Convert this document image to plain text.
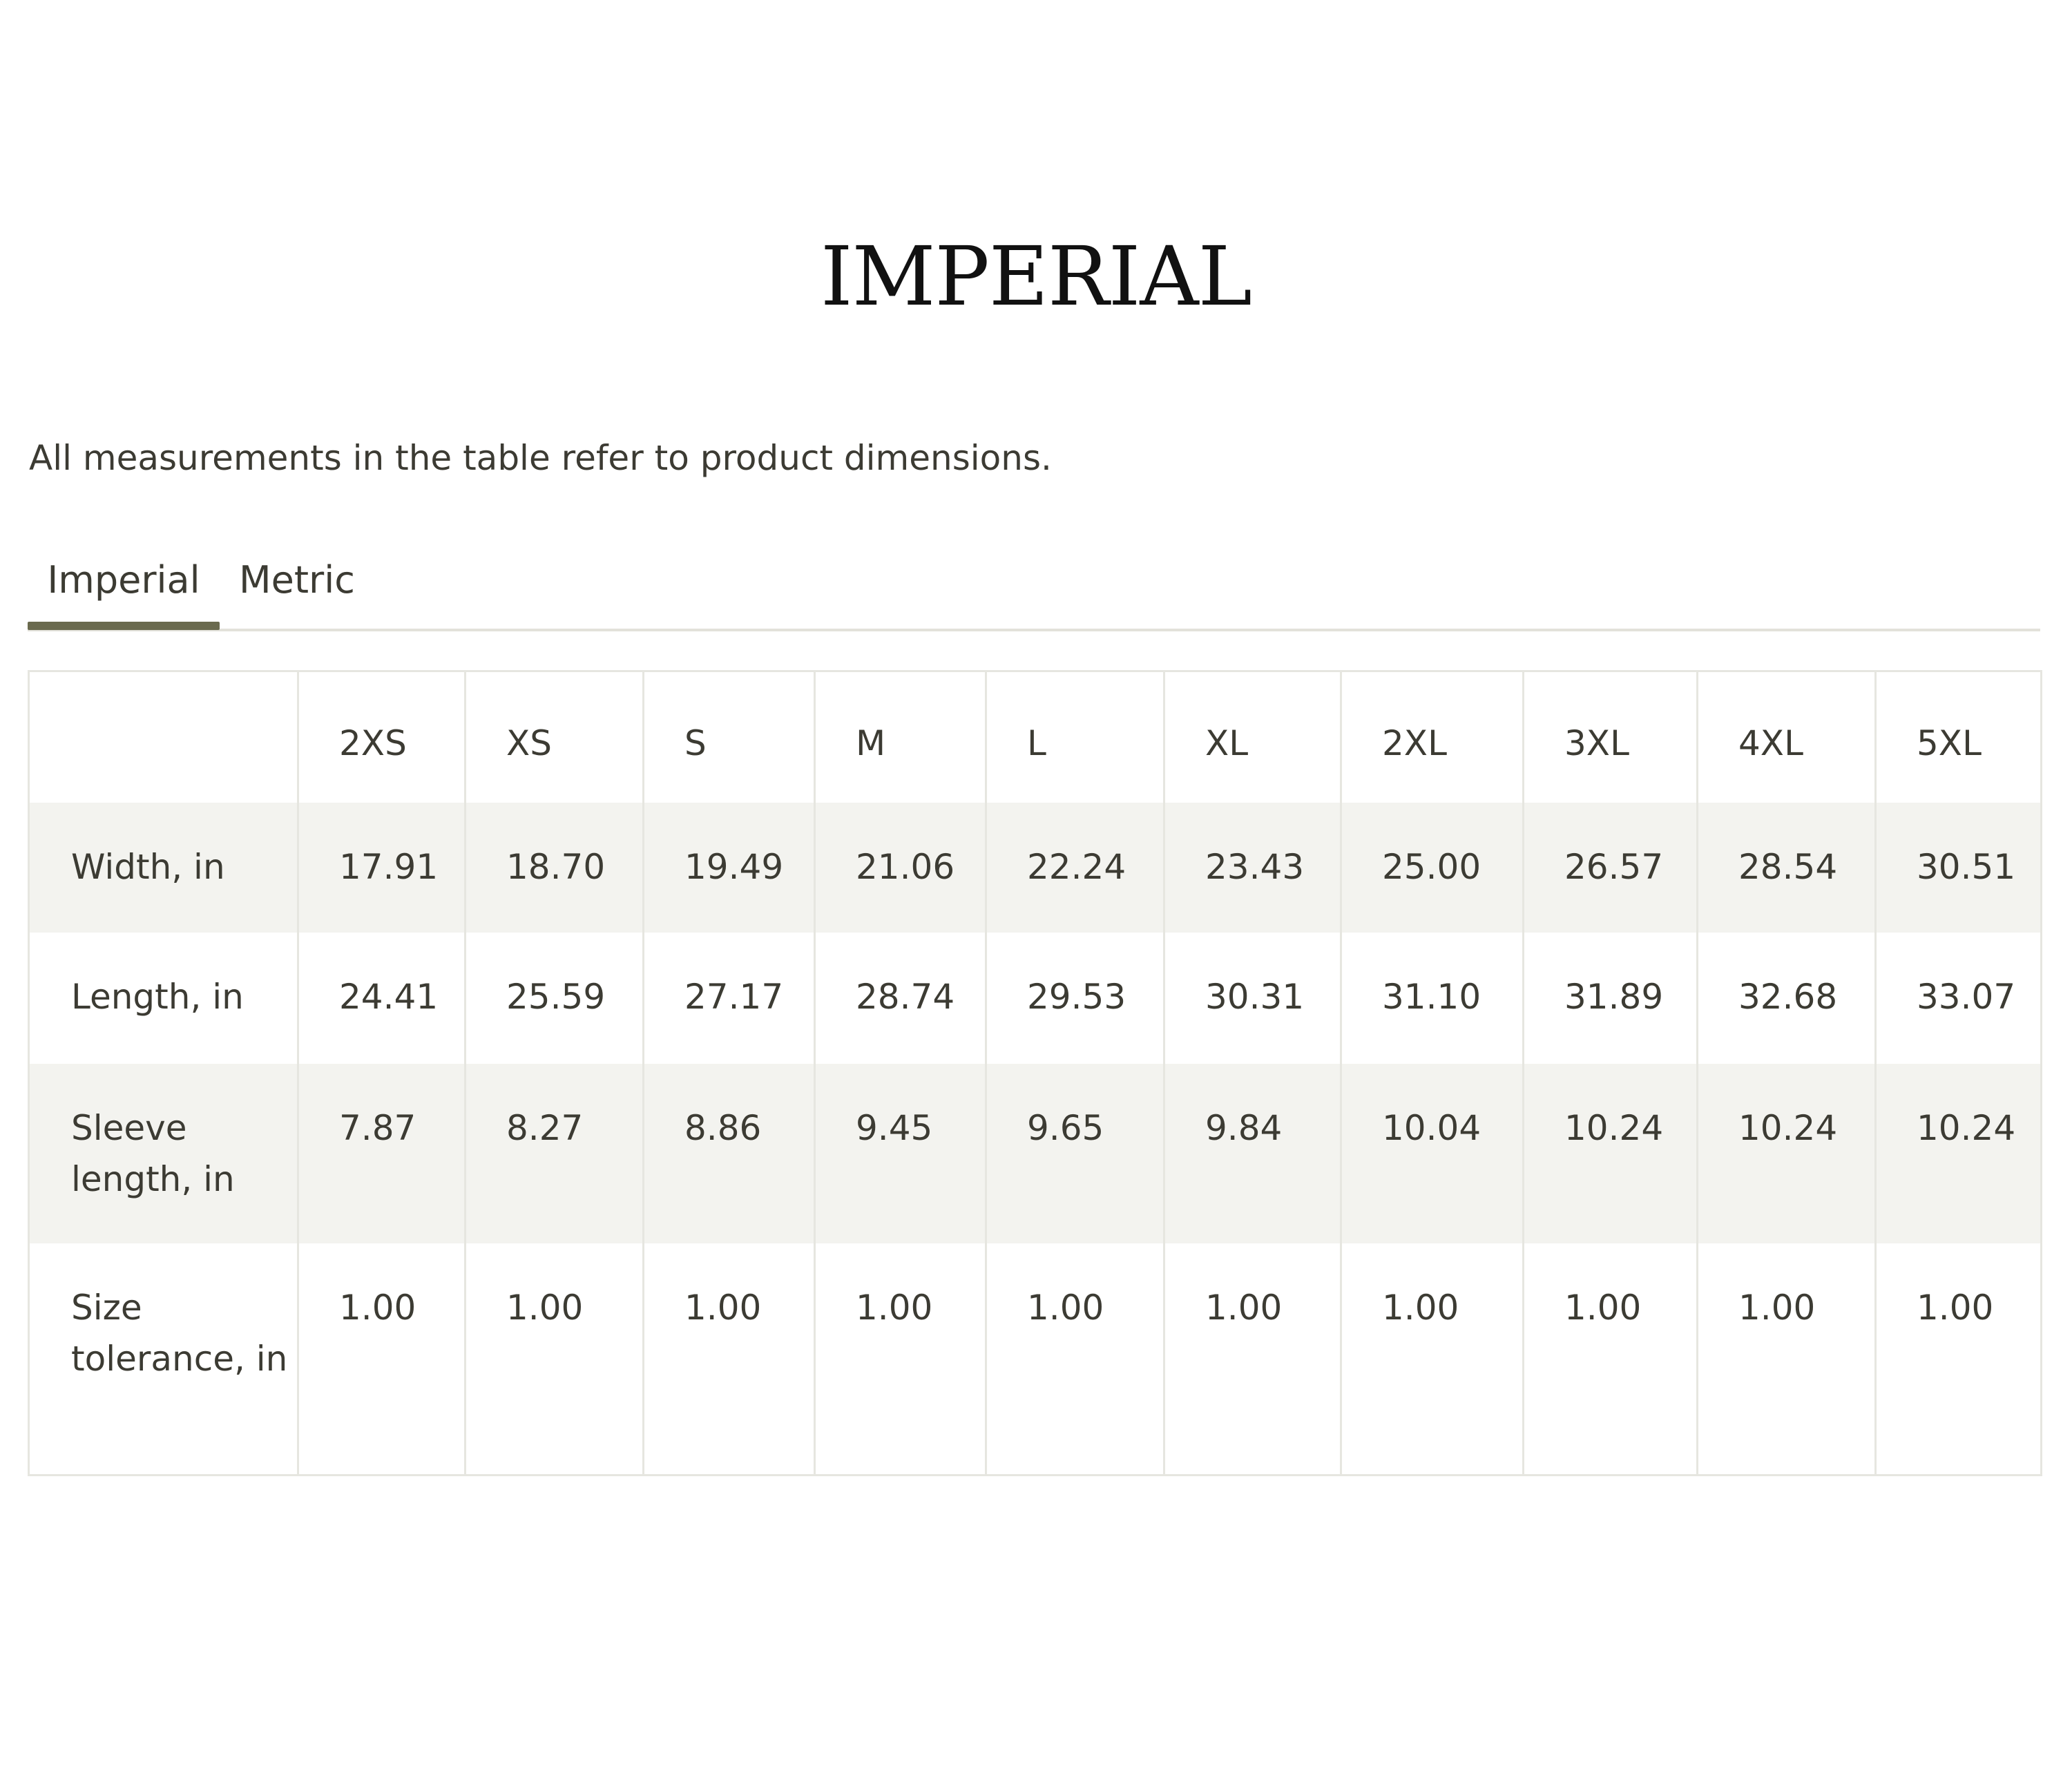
IMPERIAL
All measurements in the table refer to product dimensions.
Imperial	Metric
	2XS	XS	S	M	L	XL	2XL	3XL	4XL	5XL
Width, in	17.91	18.70	19.49	21.06	22.24	23.43	25.00	26.57	28.54	30.51
Length, in	24.41	25.59	27.17	28.74	29.53	30.31	31.10	31.89	32.68	33.07
Sleeve length, in	7.87	8.27	8.86	9.45	9.65	9.84	10.04	10.24	10.24	10.24
Size tolerance, in	1.00	1.00	1.00	1.00	1.00	1.00	1.00	1.00	1.00	1.00
